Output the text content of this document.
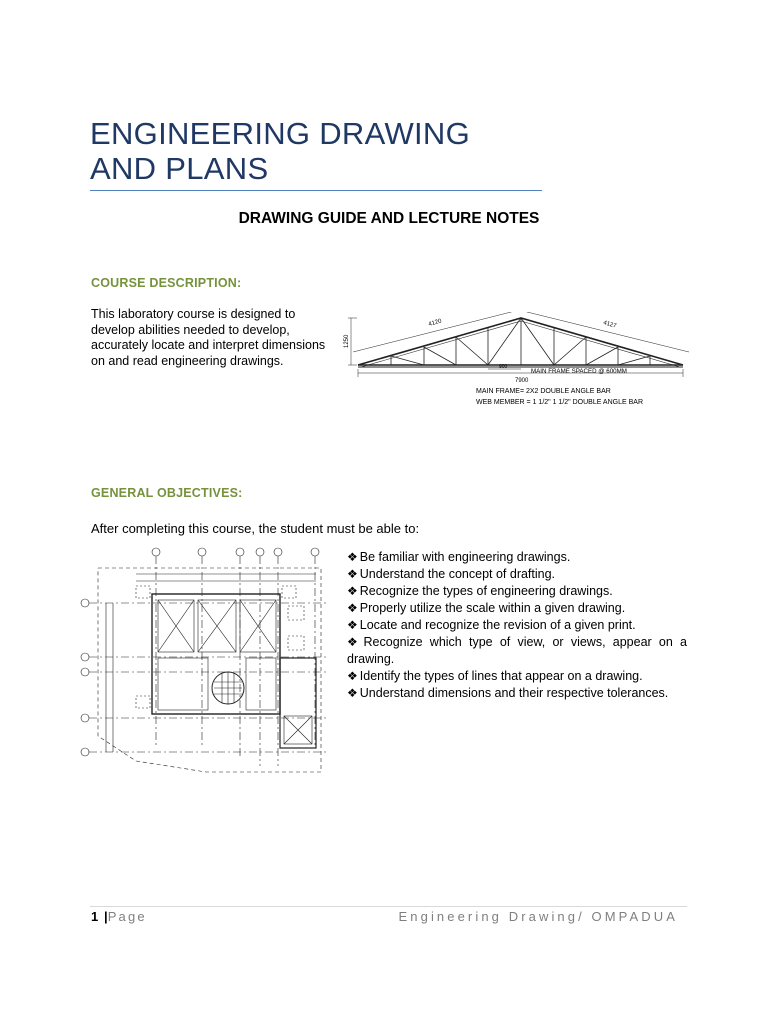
ENGINEERING DRAWING
AND PLANS
DRAWING GUIDE AND LECTURE NOTES
COURSE DESCRIPTION:
This laboratory course is designed to develop abilities needed to develop, accurately locate and interpret dimensions on and read engineering drawings.
4120	4127
1250
900
7900
MAIN FRAME SPACED @ 600MM
MAIN FRAME= 2X2 DOUBLE ANGLE BAR
WEB MEMBER = 1 1/2" 1 1/2" DOUBLE ANGLE BAR
GENERAL OBJECTIVES:
After completing this course, the student must be able to:
❖ Be familiar with engineering drawings.
❖ Understand the concept of drafting.
❖ Recognize the types of engineering drawings.
❖ Properly utilize the scale within a given drawing.
❖ Locate and recognize the revision of a given print.
❖ Recognize which type of view, or views, appear on a drawing.
❖ Identify the types of lines that appear on a drawing.
❖ Understand dimensions and their respective tolerances.
1 |Page	Engineering Drawing/ OMPADUA
